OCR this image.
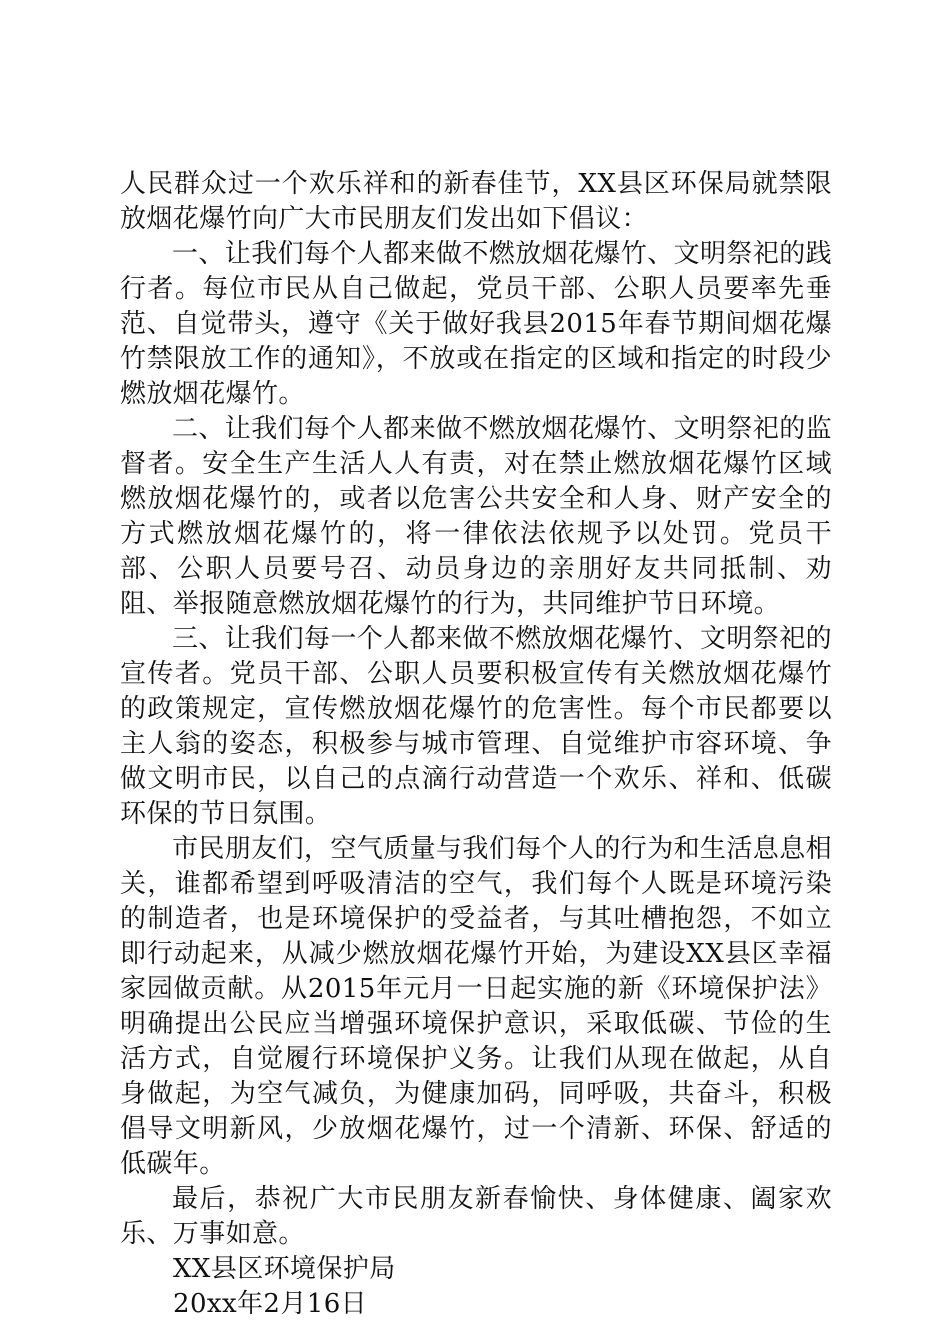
人民群众过一个欢乐祥和的新春佳节，XX县区环保局就禁限放烟花爆竹向广大市民朋友们发出如下倡议：

一、让我们每个人都来做不燃放烟花爆竹、文明祭祀的践行者。每位市民从自己做起，党员干部、公职人员要率先垂范、自觉带头，遵守《关于做好我县2015年春节期间烟花爆竹禁限放工作的通知》，不放或在指定的区域和指定的时段少燃放烟花爆竹。

二、让我们每个人都来做不燃放烟花爆竹、文明祭祀的监督者。安全生产生活人人有责，对在禁止燃放烟花爆竹区域燃放烟花爆竹的，或者以危害公共安全和人身、财产安全的方式燃放烟花爆竹的，将一律依法依规予以处罚。党员干部、公职人员要号召、动员身边的亲朋好友共同抵制、劝阻、举报随意燃放烟花爆竹的行为，共同维护节日环境。

三、让我们每一个人都来做不燃放烟花爆竹、文明祭祀的宣传者。党员干部、公职人员要积极宣传有关燃放烟花爆竹的政策规定，宣传燃放烟花爆竹的危害性。每个市民都要以主人翁的姿态，积极参与城市管理、自觉维护市容环境、争做文明市民，以自己的点滴行动营造一个欢乐、祥和、低碳环保的节日氛围。

市民朋友们，空气质量与我们每个人的行为和生活息息相关，谁都希望到呼吸清洁的空气，我们每个人既是环境污染的制造者，也是环境保护的受益者，与其吐槽抱怨，不如立即行动起来，从减少燃放烟花爆竹开始，为建设XX县区幸福家园做贡献。从2015年元月一日起实施的新《环境保护法》明确提出公民应当增强环境保护意识，采取低碳、节俭的生活方式，自觉履行环境保护义务。让我们从现在做起，从自身做起，为空气减负，为健康加码，同呼吸，共奋斗，积极倡导文明新风，少放烟花爆竹，过一个清新、环保、舒适的低碳年。

最后，恭祝广大市民朋友新春愉快、身体健康、阖家欢乐、万事如意。

XX县区环境保护局

20xx年2月16日
